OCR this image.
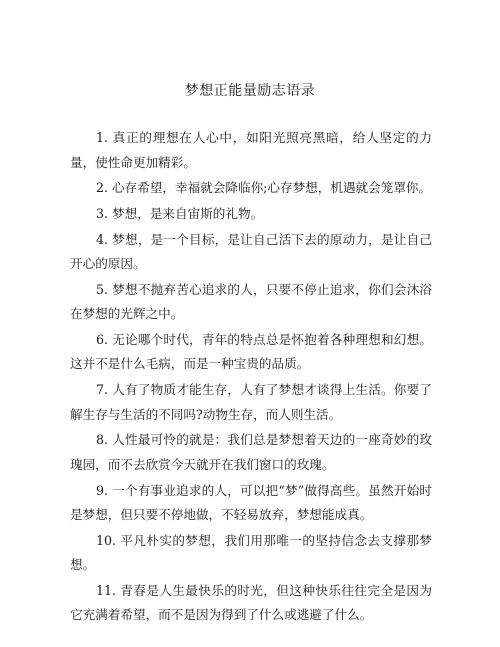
梦想正能量励志语录
1. 真正的理想在人心中，如阳光照亮黑暗，给人坚定的力量，使性命更加精彩。
2. 心存希望，幸福就会降临你;心存梦想，机遇就会笼罩你。
3. 梦想，是来自宙斯的礼物。
4. 梦想，是一个目标，是让自己活下去的原动力，是让自己开心的原因。
5. 梦想不抛弃苦心追求的人，只要不停止追求，你们会沐浴在梦想的光辉之中。
6. 无论哪个时代，青年的特点总是怀抱着各种理想和幻想。这并不是什么毛病，而是一种宝贵的品质。
7. 人有了物质才能生存，人有了梦想才谈得上生活。你要了解生存与生活的不同吗?动物生存，而人则生活。
8. 人性最可怜的就是：我们总是梦想着天边的一座奇妙的玫瑰园，而不去欣赏今天就开在我们窗口的玫瑰。
9. 一个有事业追求的人，可以把“梦”做得高些。虽然开始时是梦想，但只要不停地做，不轻易放弃，梦想能成真。
10. 平凡朴实的梦想，我们用那唯一的坚持信念去支撑那梦想。
11. 青春是人生最快乐的时光，但这种快乐往往完全是因为它充满着希望，而不是因为得到了什么或逃避了什么。
